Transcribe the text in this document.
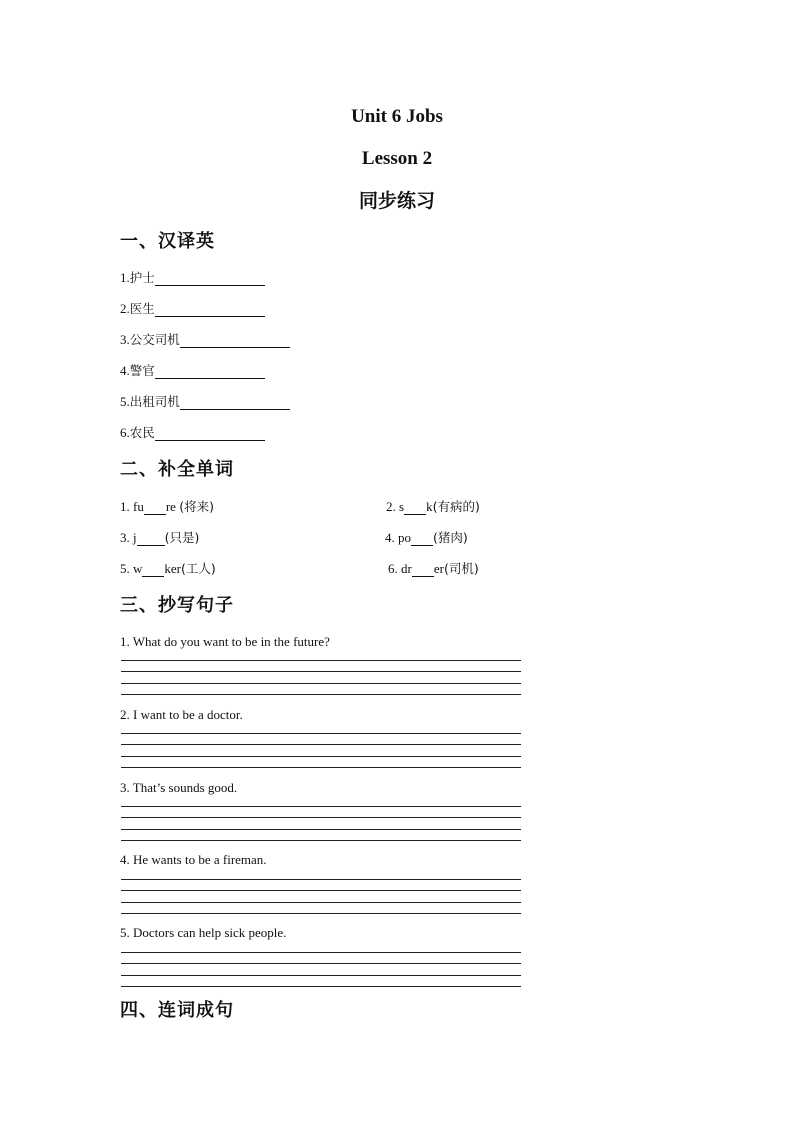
Unit 6 Jobs
Lesson 2
同步练习
一、汉译英
1.护士
2.医生
3.公交司机
4.警官
5.出租司机
6.农民
二、补全单词
1. fu re (将来)	2. s k(有病的)
3. j (只是)	4. po (猪肉)
5. w ker(工人)	6. dr er(司机)
三、抄写句子
1. What do you want to be in the future?
2. I want to be a doctor.
3. That’s sounds good.
4. He wants to be a fireman.
5. Doctors can help sick people.
四、连词成句
